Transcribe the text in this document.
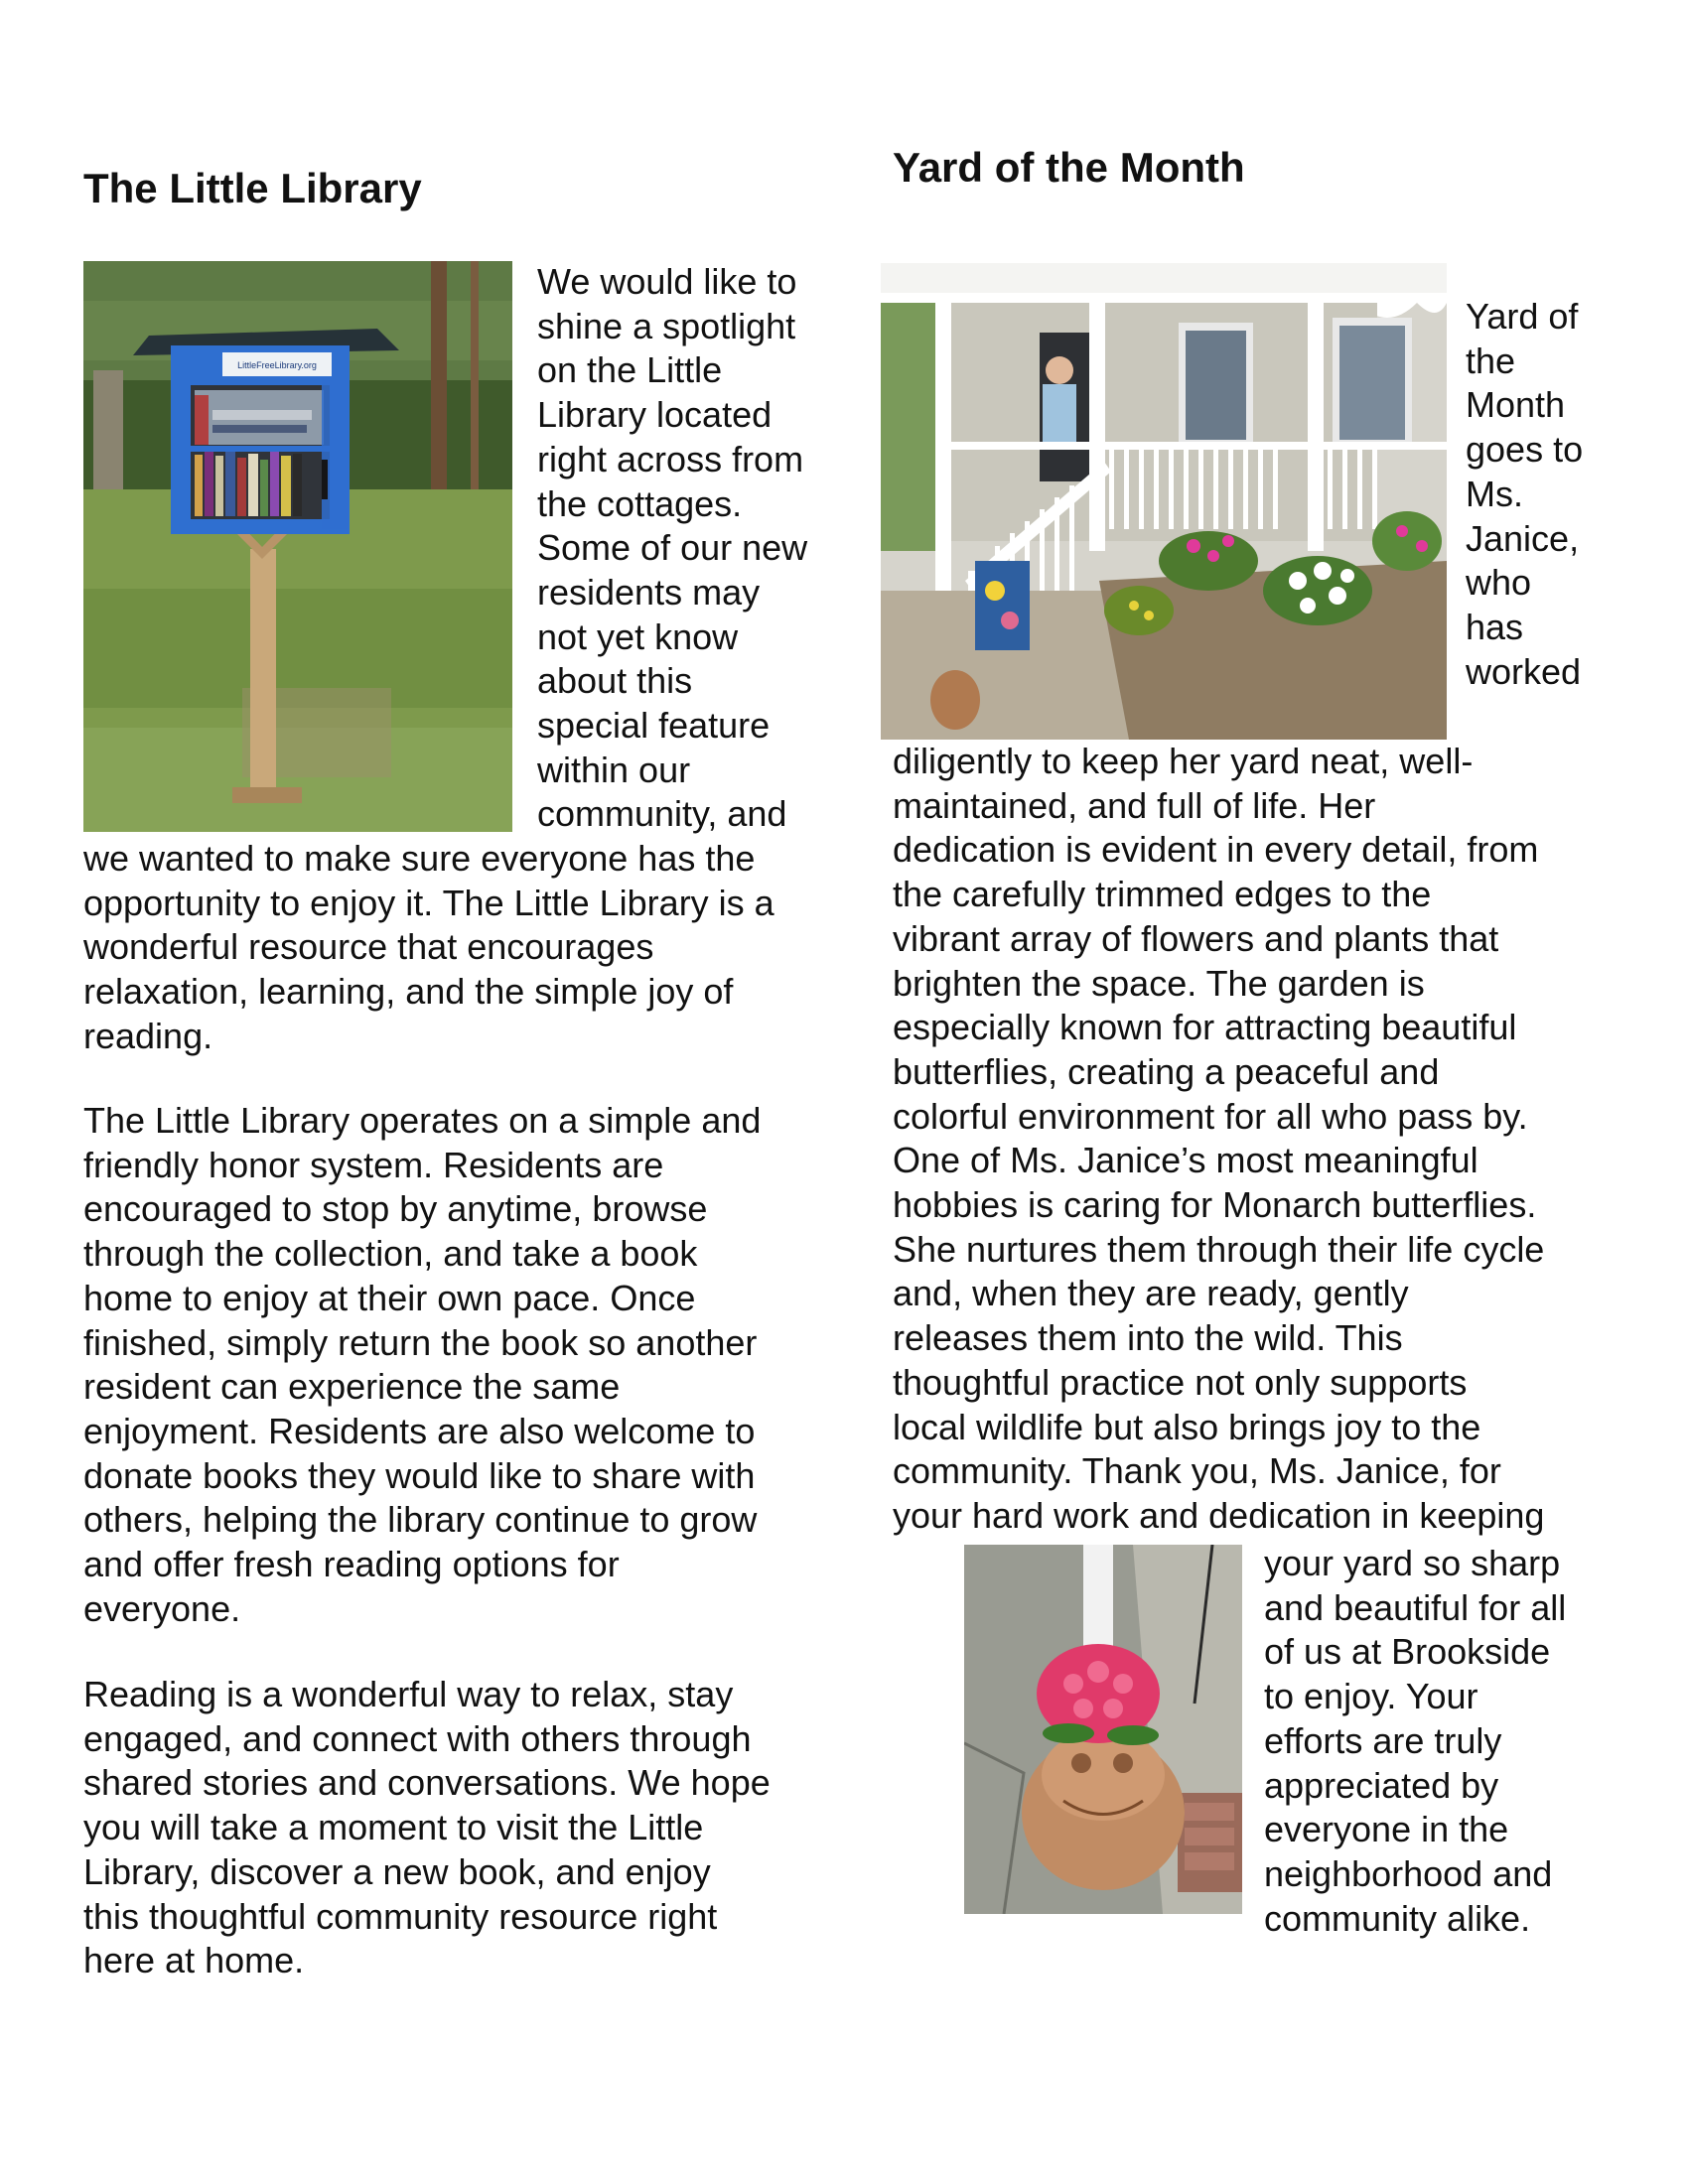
The Little Library
LittleFreeLibrary.org
We would like to
shine a spotlight
on the Little
Library located
right across from
the cottages.
Some of our new
residents may
not yet know
about this
special feature
within our
community, and
we wanted to make sure everyone has the
opportunity to enjoy it. The Little Library is a
wonderful resource that encourages
relaxation, learning, and the simple joy of
reading.
The Little Library operates on a simple and
friendly honor system. Residents are
encouraged to stop by anytime, browse
through the collection, and take a book
home to enjoy at their own pace. Once
finished, simply return the book so another
resident can experience the same
enjoyment. Residents are also welcome to
donate books they would like to share with
others, helping the library continue to grow
and offer fresh reading options for
everyone.
Reading is a wonderful way to relax, stay
engaged, and connect with others through
shared stories and conversations. We hope
you will take a moment to visit the Little
Library, discover a new book, and enjoy
this thoughtful community resource right
here at home.
Yard of the Month
Yard of
the
Month
goes to
Ms.
Janice,
who
has
worked
diligently to keep her yard neat, well-
maintained, and full of life. Her
dedication is evident in every detail, from
the carefully trimmed edges to the
vibrant array of flowers and plants that
brighten the space. The garden is
especially known for attracting beautiful
butterflies, creating a peaceful and
colorful environment for all who pass by.
One of Ms. Janice’s most meaningful
hobbies is caring for Monarch butterflies.
She nurtures them through their life cycle
and, when they are ready, gently
releases them into the wild. This
thoughtful practice not only supports
local wildlife but also brings joy to the
community. Thank you, Ms. Janice, for
your hard work and dedication in keeping
your yard so sharp
and beautiful for all
of us at Brookside
to enjoy. Your
efforts are truly
appreciated by
everyone in the
neighborhood and
community alike.
